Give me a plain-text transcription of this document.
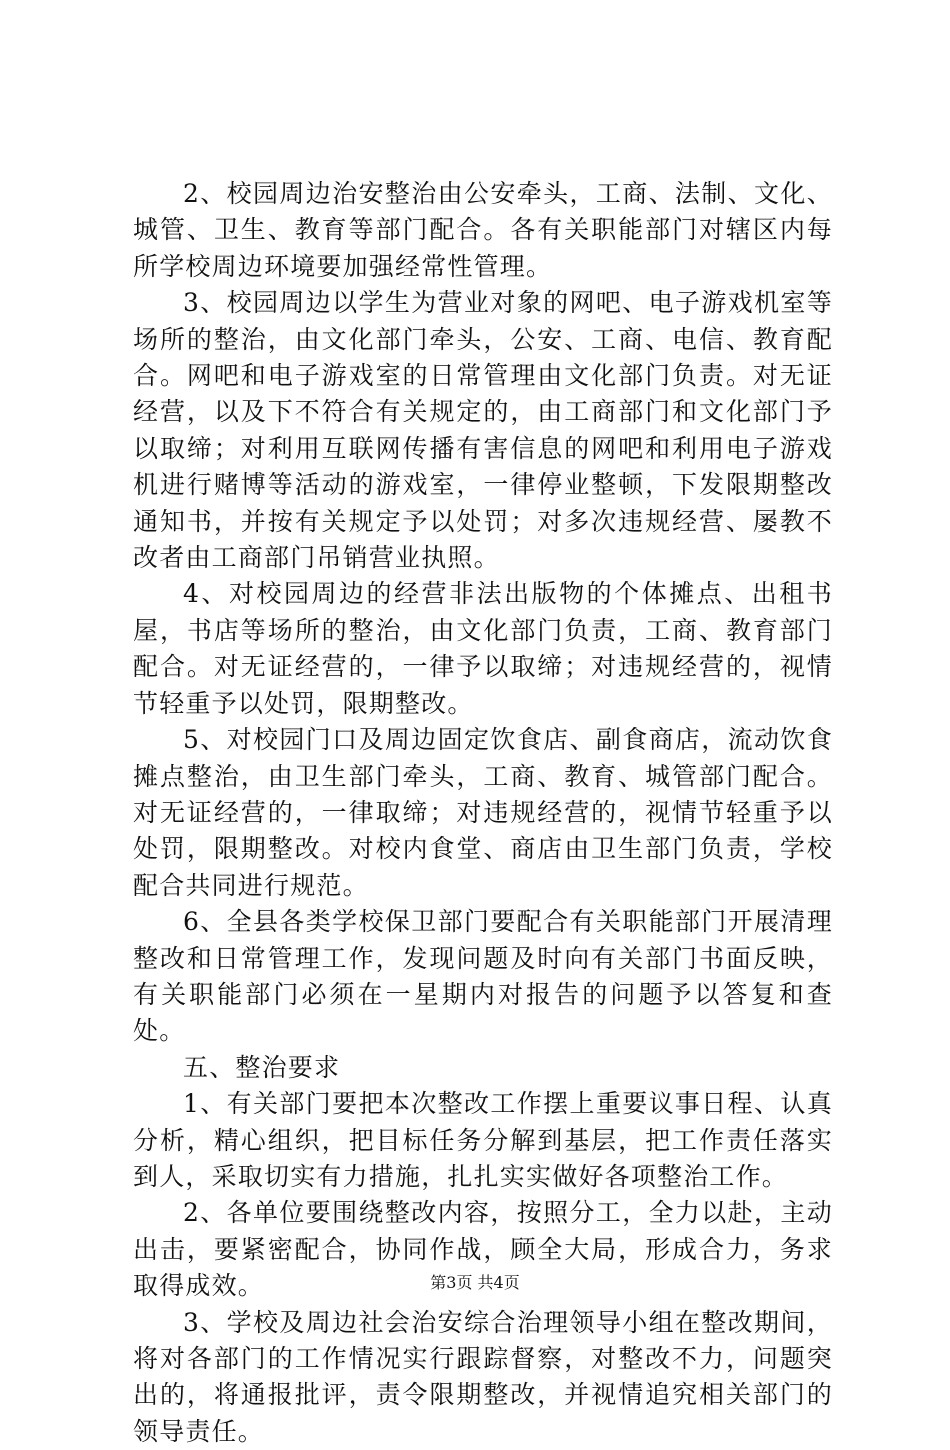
2、校园周边治安整治由公安牵头，工商、法制、文化、城管、卫生、教育等部门配合。各有关职能部门对辖区内每所学校周边环境要加强经常性管理。

3、校园周边以学生为营业对象的网吧、电子游戏机室等场所的整治，由文化部门牵头，公安、工商、电信、教育配合。网吧和电子游戏室的日常管理由文化部门负责。对无证经营，以及下不符合有关规定的，由工商部门和文化部门予以取缔；对利用互联网传播有害信息的网吧和利用电子游戏机进行赌博等活动的游戏室，一律停业整顿，下发限期整改通知书，并按有关规定予以处罚；对多次违规经营、屡教不改者由工商部门吊销营业执照。

4、对校园周边的经营非法出版物的个体摊点、出租书屋，书店等场所的整治，由文化部门负责，工商、教育部门配合。对无证经营的，一律予以取缔；对违规经营的，视情节轻重予以处罚，限期整改。

5、对校园门口及周边固定饮食店、副食商店，流动饮食摊点整治，由卫生部门牵头，工商、教育、城管部门配合。对无证经营的，一律取缔；对违规经营的，视情节轻重予以处罚，限期整改。对校内食堂、商店由卫生部门负责，学校配合共同进行规范。

6、全县各类学校保卫部门要配合有关职能部门开展清理整改和日常管理工作，发现问题及时向有关部门书面反映，有关职能部门必须在一星期内对报告的问题予以答复和查处。

五、整治要求

1、有关部门要把本次整改工作摆上重要议事日程、认真分析，精心组织，把目标任务分解到基层，把工作责任落实到人，采取切实有力措施，扎扎实实做好各项整治工作。

2、各单位要围绕整改内容，按照分工，全力以赴，主动出击，要紧密配合，协同作战，顾全大局，形成合力，务求取得成效。

3、学校及周边社会治安综合治理领导小组在整改期间，将对各部门的工作情况实行跟踪督察，对整改不力，问题突出的，将通报批评，责令限期整改，并视情追究相关部门的领导责任。

第3页 共4页
